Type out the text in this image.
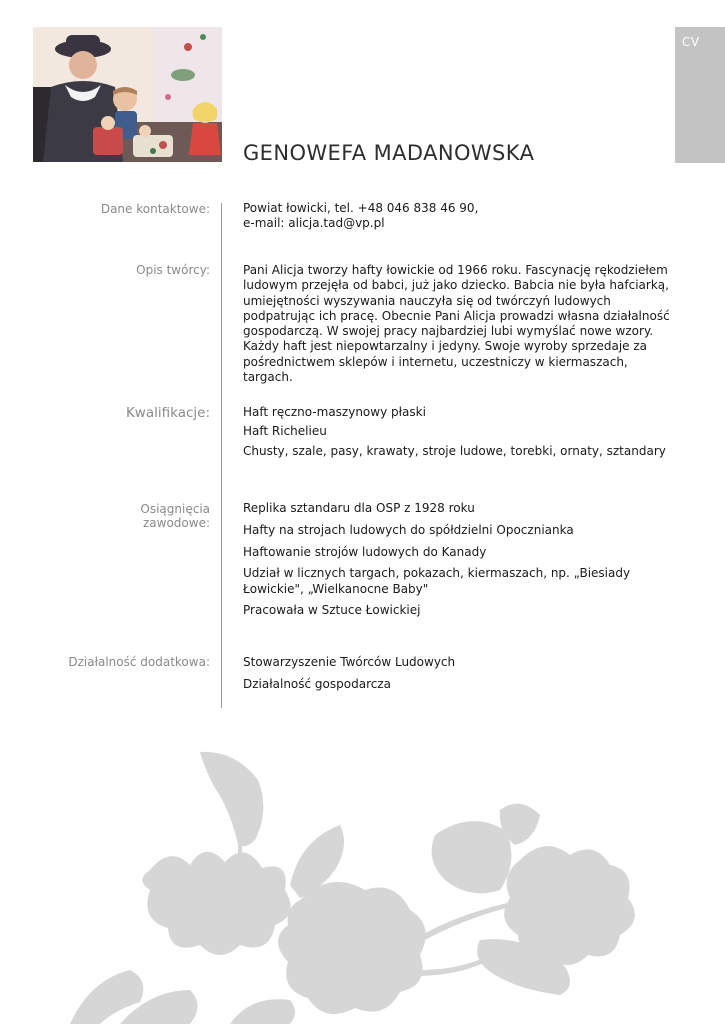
CV
GENOWEFA MADANOWSKA
Dane kontaktowe:	Powiat łowicki, tel. +48 046 838 46 90,
e-mail: alicja.tad@vp.pl
Opis twórcy:	Pani Alicja tworzy hafty łowickie od 1966 roku. Fascynację rękodziełem ludowym przejęła od babci, już jako dziecko. Babcia nie była hafciarką, umiejętności wyszywania nauczyła się od twórczyń ludowych podpatrując ich pracę. Obecnie Pani Alicja prowadzi własna działalność gospodarczą. W swojej pracy najbardziej lubi wymyślać nowe wzory. Każdy haft jest niepowtarzalny i jedyny. Swoje wyroby sprzedaje za pośrednictwem sklepów i internetu, uczestniczy w kiermaszach, targach.
Kwalifikacje:	Haft ręczno-maszynowy płaski
Haft Richelieu
Chusty, szale, pasy, krawaty, stroje ludowe, torebki, ornaty, sztandary
Osiągnięcia
zawodowe:
Replika sztandaru dla OSP z 1928 roku
Hafty na strojach ludowych do spółdzielni Opocznianka
Haftowanie strojów ludowych do Kanady
Udział w licznych targach, pokazach, kiermaszach, np. „Biesiady Łowickie", „Wielkanocne Baby"
Pracowała w Sztuce Łowickiej
Działalność dodatkowa:	Stowarzyszenie Twórców Ludowych
Działalność gospodarcza
